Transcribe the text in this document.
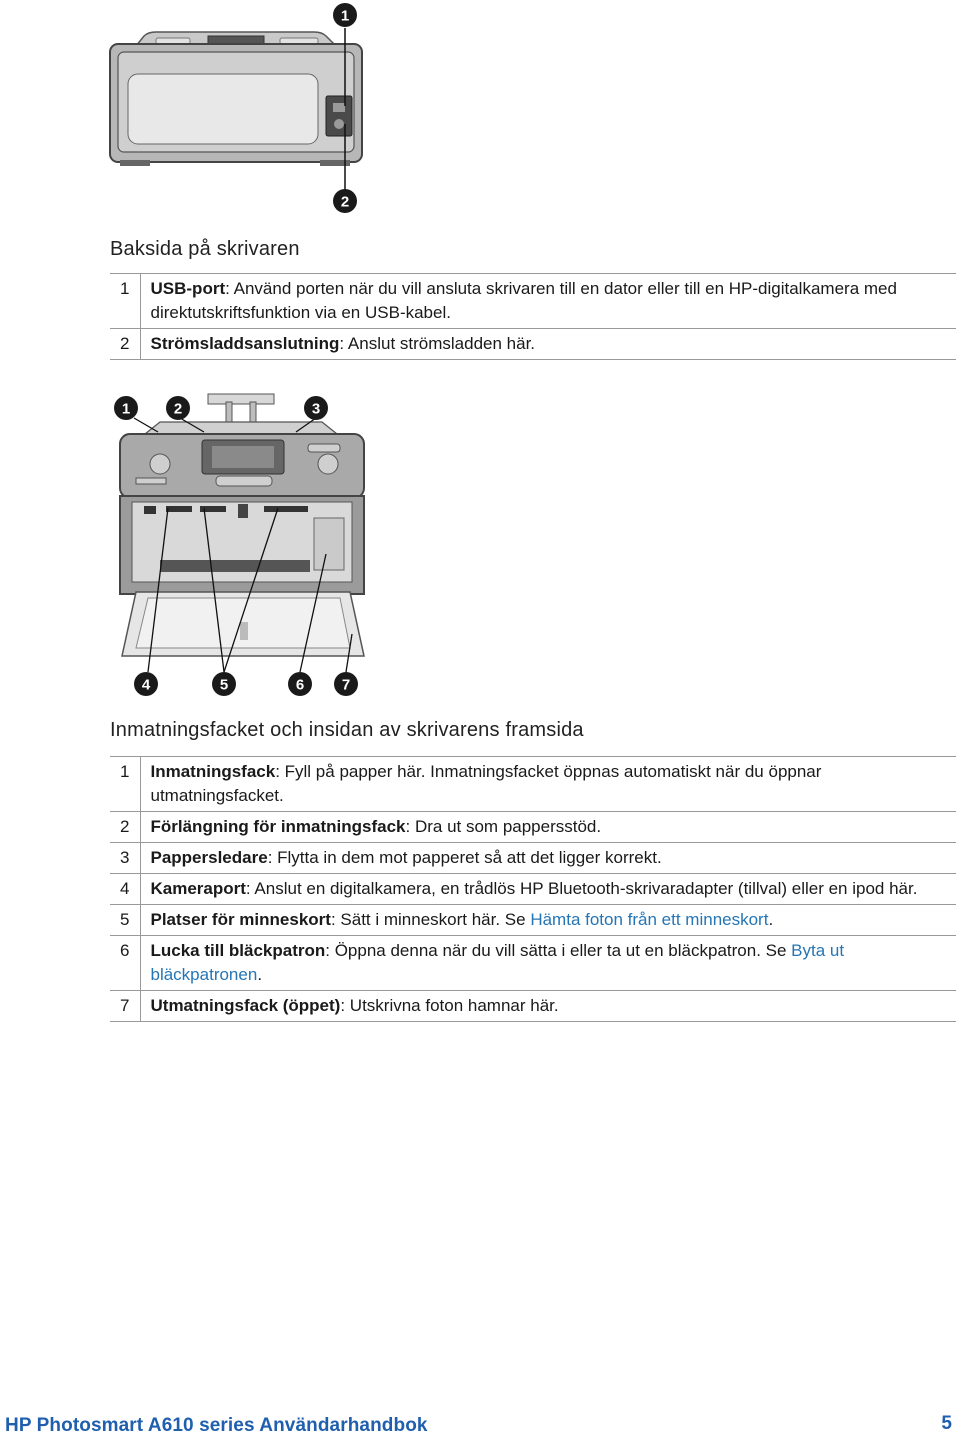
1
2
Baksida på skrivaren
1	USB-port: Använd porten när du vill ansluta skrivaren till en dator eller till en HP-digitalkamera med direktutskriftsfunktion via en USB-kabel.
2	Strömsladdsanslutning: Anslut strömsladden här.
1	2	3
4	5	6	7
Inmatningsfacket och insidan av skrivarens framsida
1	Inmatningsfack: Fyll på papper här. Inmatningsfacket öppnas automatiskt när du öppnar utmatningsfacket.
2	Förlängning för inmatningsfack: Dra ut som pappersstöd.
3	Pappersledare: Flytta in dem mot papperet så att det ligger korrekt.
4	Kameraport: Anslut en digitalkamera, en trådlös HP Bluetooth-skrivaradapter (tillval) eller en ipod här.
5	Platser för minneskort: Sätt i minneskort här. Se Hämta foton från ett minneskort.
6	Lucka till bläckpatron: Öppna denna när du vill sätta i eller ta ut en bläckpatron. Se Byta ut bläckpatronen.
7	Utmatningsfack (öppet): Utskrivna foton hamnar här.
HP Photosmart A610 series Användarhandbok	5
